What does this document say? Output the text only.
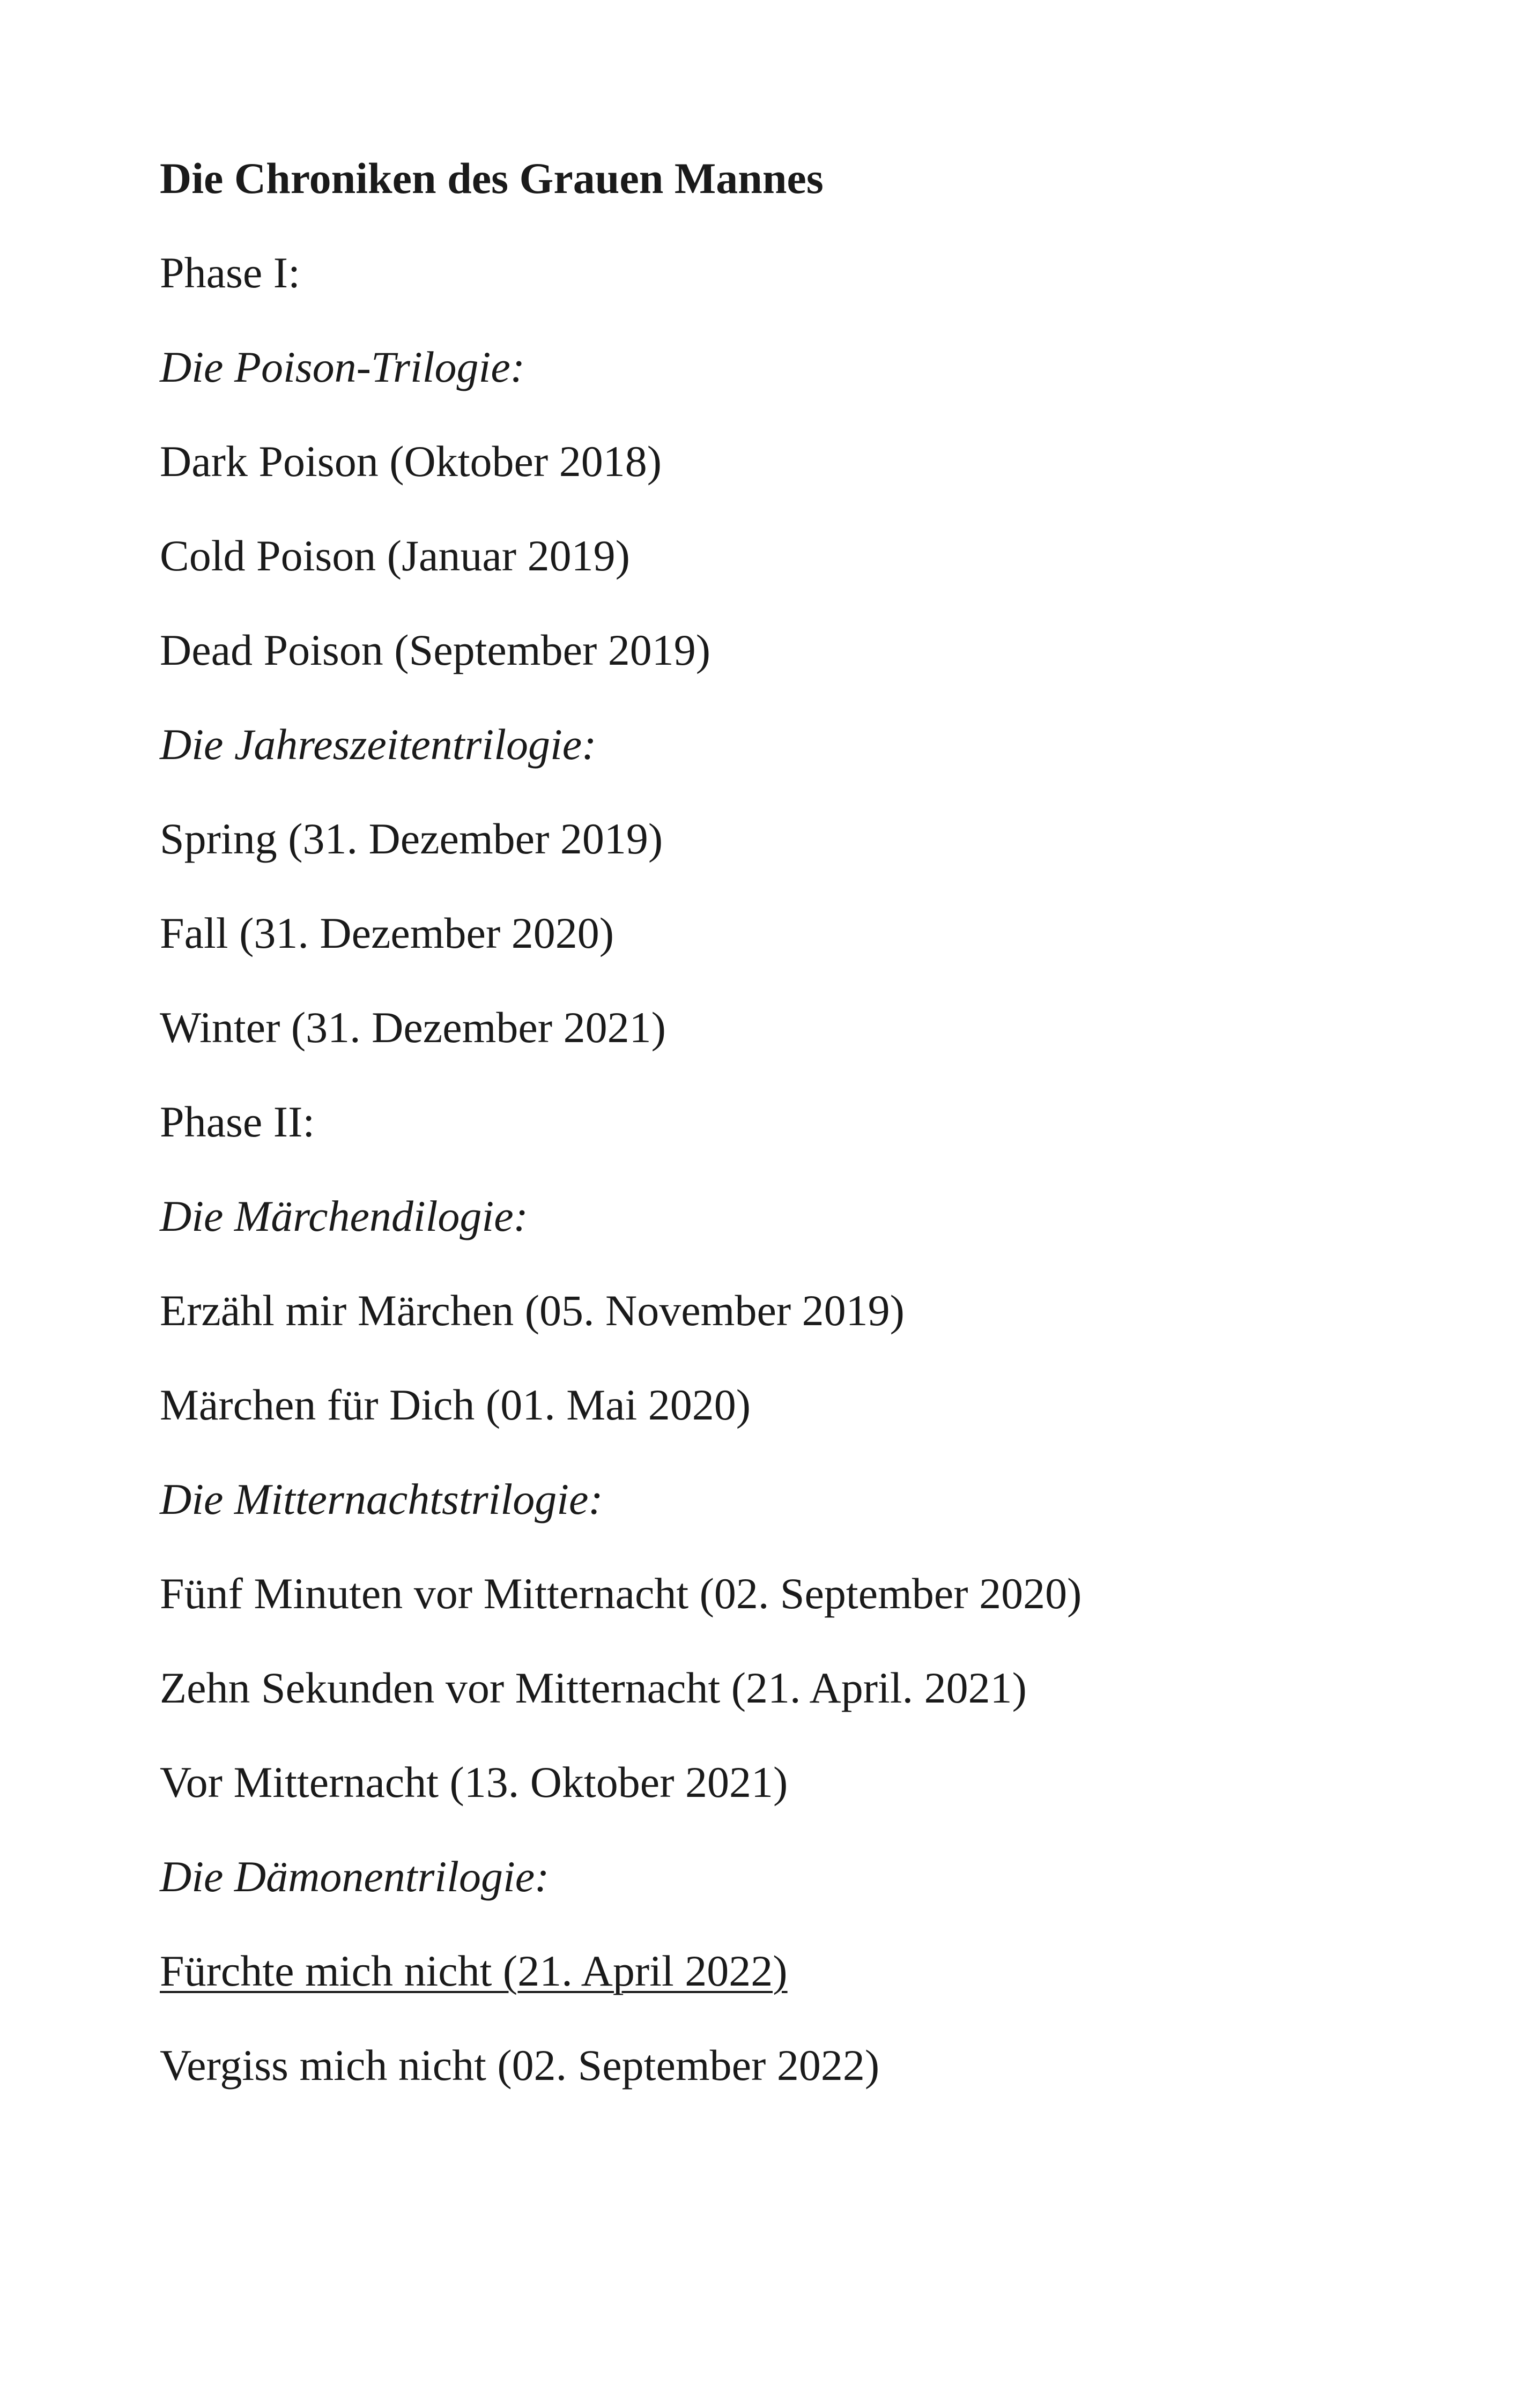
Die Chroniken des Grauen Mannes
Phase I:
Die Poison-Trilogie:
Dark Poison (Oktober 2018)
Cold Poison (Januar 2019)
Dead Poison (September 2019)
Die Jahreszeitentrilogie:
Spring (31. Dezember 2019)
Fall (31. Dezember 2020)
Winter (31. Dezember 2021)
Phase II:
Die Märchendilogie:
Erzähl mir Märchen (05. November 2019)
Märchen für Dich (01. Mai 2020)
Die Mitternachtstrilogie:
Fünf Minuten vor Mitternacht (02. September 2020)
Zehn Sekunden vor Mitternacht (21. April. 2021)
Vor Mitternacht (13. Oktober 2021)
Die Dämonentrilogie:
Fürchte mich nicht (21. April 2022)
Vergiss mich nicht (02. September 2022)
